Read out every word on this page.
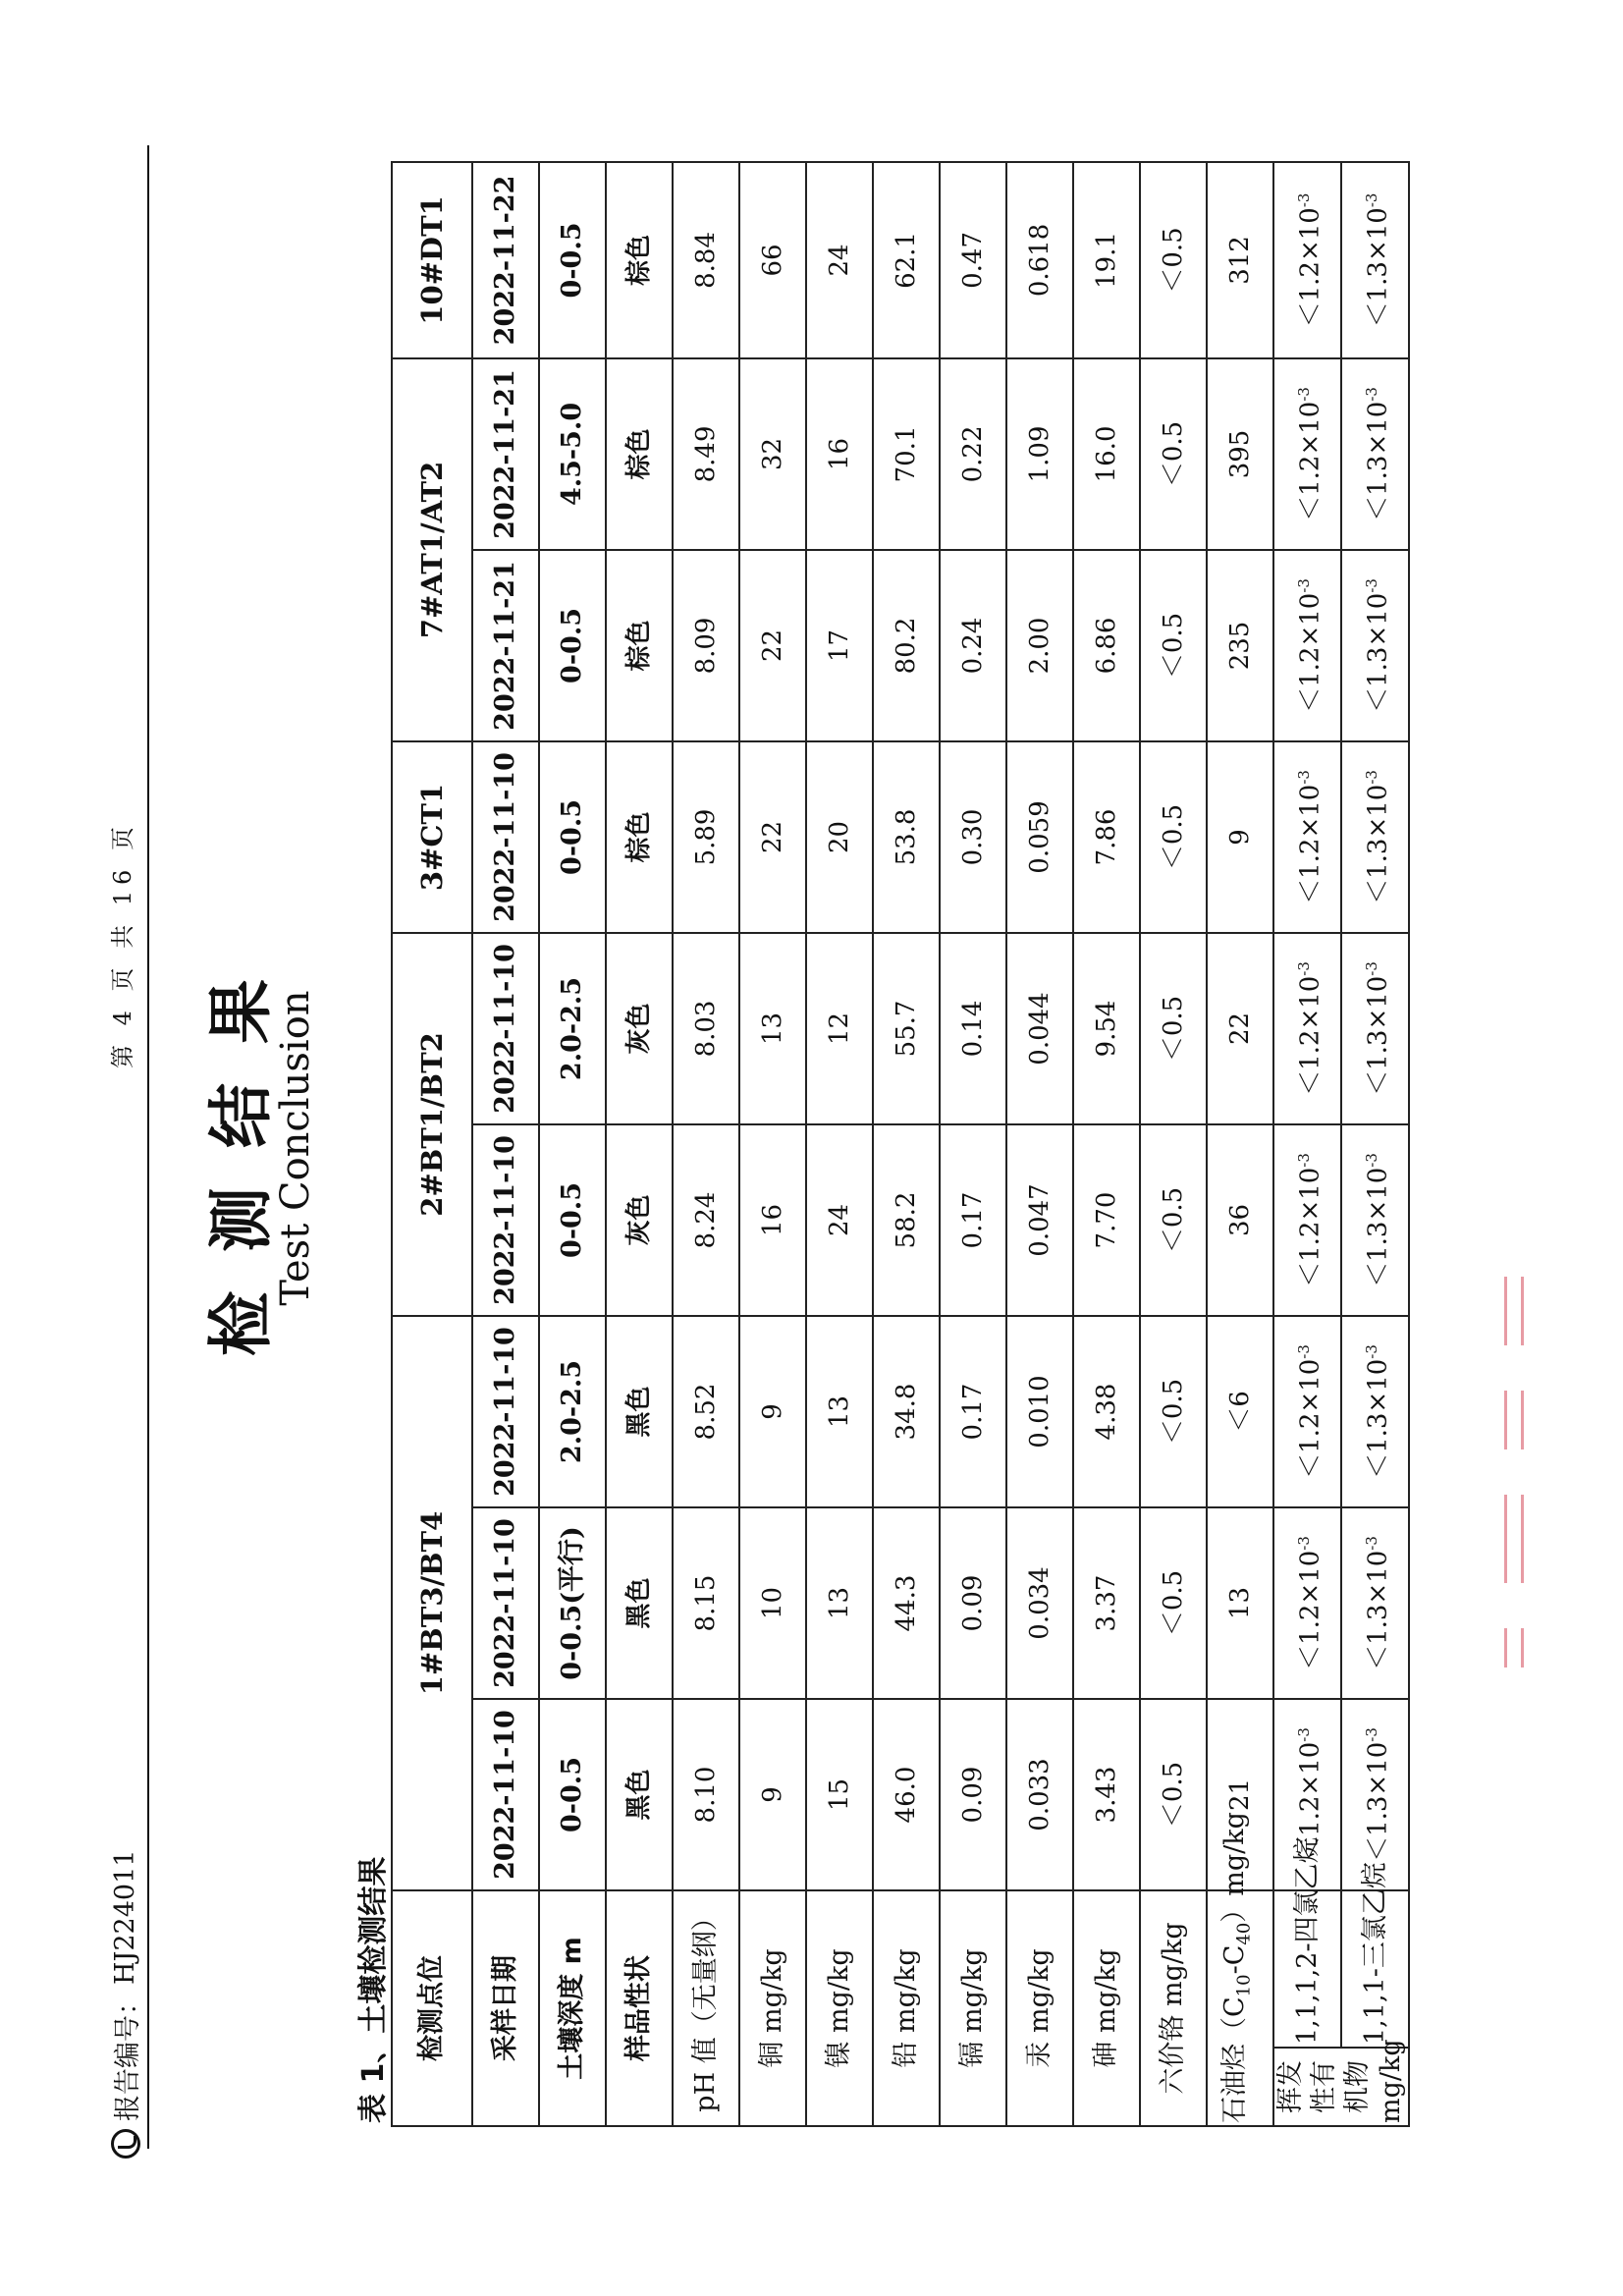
报告编号：
HJ224011
第 4 页 共 16 页 检测结果
Test Conclusion
表 1、土壤检测结果 检测点位		1#BT3/BT4			2#BT1/BT2		3#CT1	7#AT1/AT2		10#DT1
采样日期		2022-11-10	2022-11-10	2022-11-10	2022-11-10	2022-11-10	2022-11-10	2022-11-21	2022-11-21	2022-11-22
土壤深度 m		0-0.5	0-0.5(平行)	2.0-2.5	0-0.5	2.0-2.5	0-0.5	0-0.5	4.5-5.0	0-0.5
样品性状		黑色	黑色	黑色	灰色	灰色	棕色	棕色	棕色	棕色
pH 值（无量纲）		8.10	8.15	8.52	8.24	8.03	5.89	8.09	8.49	8.84
铜 mg/kg		9	10	9	16	13	22	22	32	66
镍 mg/kg		15	13	13	24	12	20	17	16	24
铅 mg/kg		46.0	44.3	34.8	58.2	55.7	53.8	80.2	70.1	62.1
镉 mg/kg		0.09	0.09	0.17	0.17	0.14	0.30	0.24	0.22	0.47
汞 mg/kg		0.033	0.034	0.010	0.047	0.044	0.059	2.00	1.09	0.618
砷 mg/kg		3.43	3.37	4.38	7.70	9.54	7.86	6.86	16.0	19.1
六价铬 mg/kg		＜0.5	＜0.5	＜0.5	＜0.5	＜0.5	＜0.5	＜0.5	＜0.5	＜0.5
石油烃$(C_{10}-C_{40})mg/kg$		21	13	＜6	36	22	9	235	395	312
挥发性有机物 mg/kg	1,1,1,2-四氯乙烷	$<1.2\times 10^{-3}$	$<1.2\times 10^{-3}$	$<1.2\times 10^{-3}$	$<1.2\times 10^{-3}$	$<1.2\times 10^{-3}$	$<1.2\times 10^{-3}$	$<1.2\times 10^{-3}$	$<1.2\times 10^{-3}$	$<1.2\times 10^{-3}$
	1,1,1-三氯乙烷	$<1.3\times 10^{-3}$	$<1.3\times 10^{-3}$	$<1.3\times 10^{-3}$	$<1.3\times 10^{-3}$	$<1.3\times 10^{-3}$	$<1.3\times 10^{-3}$	$<1.3\times 10^{-3}$	$<1.3\times 10^{-3}$	$<1.3\times 10^{-3}$
